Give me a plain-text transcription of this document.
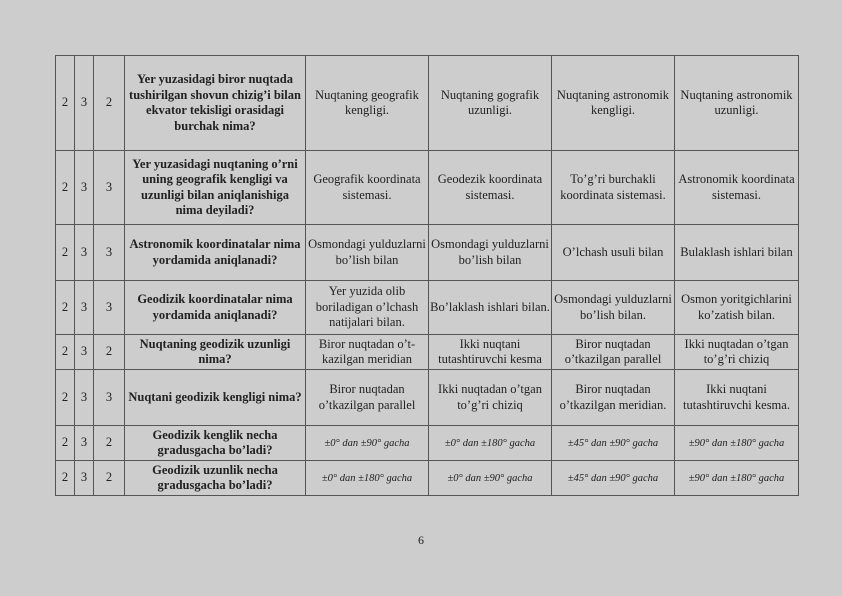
2	3	2	Yer yuzasidagi biror nuqtada tushirilgan shovun chizig’i bilan ekvator tekisligi orasidagi burchak nima?	Nuqtaning geografik kengligi.	Nuqtaning gografik uzunligi.	Nuqtaning astronomik kengligi.	Nuqtaning astronomik uzunligi.
2	3	3	Yer yuzasidagi nuqtaning o’rni uning geografik kengligi va uzunligi bilan aniqlanishiga nima deyiladi?	Geografik koordinata sistemasi.	Geodezik koordinata sistemasi.	To’g’ri burchakli koordinata sistemasi.	Astronomik koordinata sistemasi.
2	3	3	Astronomik koordinatalar nima yordamida aniqlanadi?	Osmondagi yulduzlarni bo’lish bilan	Osmondagi yulduzlarni bo’lish bilan	O’lchash usuli bilan	Bulaklash ishlari bilan
2	3	3	Geodizik koordinatalar nima yordamida aniqlanadi?	Yer yuzida olib boriladigan o’lchash natijalari bilan.	Bo’laklash ishlari bilan.	Osmondagi yulduzlarni bo’lish bilan.	Osmon yoritgichlarini ko’zatish bilan.
2	3	2	Nuqtaning geodizik uzunligi nima?	Biror nuqtadan o’t-kazilgan meridian	Ikki nuqtani tutashtiruvchi kesma	Biror nuqtadan o’tkazilgan parallel	Ikki nuqtadan o’tgan to’g’ri chiziq
2	3	3	Nuqtani geodizik kengligi nima?	Biror nuqtadan o’tkazilgan parallel	Ikki nuqtadan o’tgan to’g’ri chiziq	Biror nuqtadan o’tkazilgan meridian.	Ikki nuqtani tutashtiruvchi kesma.
2	3	2	Geodizik kenglik necha gradusgacha bo’ladi?	±0° dan ±90° gacha	±0° dan ±180° gacha	±45° dan ±90° gacha	±90° dan ±180° gacha
2	3	2	Geodizik uzunlik necha gradusgacha bo’ladi?	±0° dan ±180° gacha	±0° dan ±90° gacha	±45° dan ±90° gacha	±90° dan ±180° gacha
6
